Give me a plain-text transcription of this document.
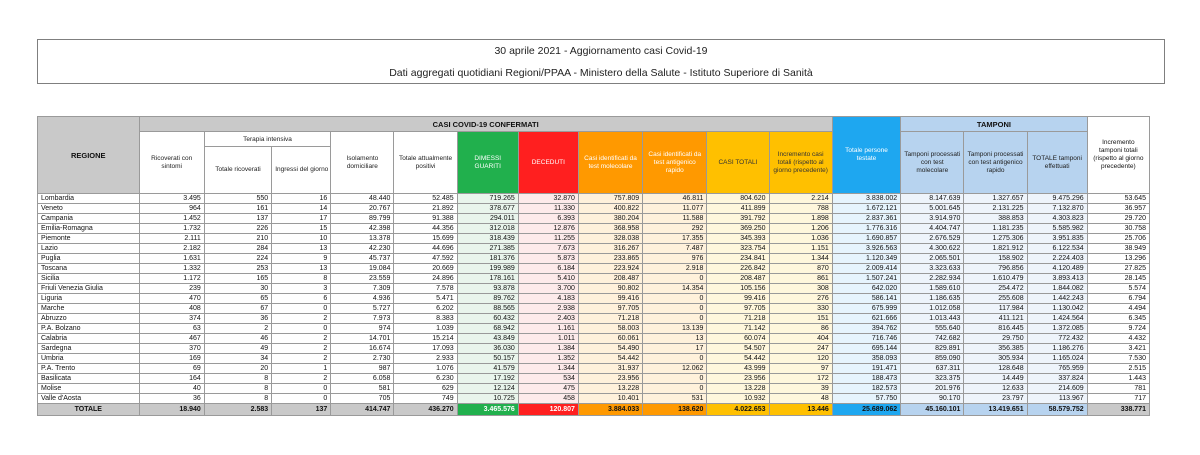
30 aprile 2021 - Aggiornamento casi Covid-19
Dati aggregati quotidiani Regioni/PPAA - Ministero della Salute - Istituto Superiore di Sanità
REGIONE	CASI COVID-19 CONFERMATI											Totale persone testate	TAMPONI			Incremento tamponi totali (rispetto al giorno precedente)
	Ricoverati con sintomi	Terapia intensiva		Isolamento domiciliare	Totale attualmente positivi	DIMESSI GUARITI	DECEDUTI	Casi identificati da test molecolare	Casi identificati da test antigenico rapido	CASI TOTALI	Incremento casi totali (rispetto al giorno precedente)		Tamponi processati con test molecolare	Tamponi processati con test antigenico rapido	TOTALE tamponi effettuati	
		Totale ricoverati	Ingressi del giorno													
Lombardia	3.495	550	16	48.440	52.485	719.265	32.870	757.809	46.811	804.620	2.214	3.838.002	8.147.639	1.327.657	9.475.296	53.645
Veneto	964	161	14	20.767	21.892	378.677	11.330	400.822	11.077	411.899	788	1.672.121	5.001.645	2.131.225	7.132.870	36.957
Campania	1.452	137	17	89.799	91.388	294.011	6.393	380.204	11.588	391.792	1.898	2.837.361	3.914.970	388.853	4.303.823	29.720
Emilia-Romagna	1.732	226	15	42.398	44.356	312.018	12.876	368.958	292	369.250	1.206	1.776.316	4.404.747	1.181.235	5.585.982	30.758
Piemonte	2.111	210	10	13.378	15.699	318.439	11.255	328.038	17.355	345.393	1.036	1.690.857	2.676.529	1.275.306	3.951.835	25.706
Lazio	2.182	284	13	42.230	44.696	271.385	7.673	316.267	7.487	323.754	1.151	3.926.563	4.300.622	1.821.912	6.122.534	38.949
Puglia	1.631	224	9	45.737	47.592	181.376	5.873	233.865	976	234.841	1.344	1.120.349	2.065.501	158.902	2.224.403	13.296
Toscana	1.332	253	13	19.084	20.669	199.989	6.184	223.924	2.918	226.842	870	2.009.414	3.323.633	796.856	4.120.489	27.825
Sicilia	1.172	165	8	23.559	24.896	178.161	5.410	208.487	0	208.487	861	1.507.241	2.282.934	1.610.479	3.893.413	28.145
Friuli Venezia Giulia	239	30	3	7.309	7.578	93.878	3.700	90.802	14.354	105.156	308	642.020	1.589.610	254.472	1.844.082	5.574
Liguria	470	65	6	4.936	5.471	89.762	4.183	99.416	0	99.416	276	586.141	1.186.635	255.608	1.442.243	6.794
Marche	408	67	0	5.727	6.202	88.565	2.938	97.705	0	97.705	330	675.999	1.012.058	117.984	1.130.042	4.494
Abruzzo	374	36	2	7.973	8.383	60.432	2.403	71.218	0	71.218	151	621.666	1.013.443	411.121	1.424.564	6.345
P.A. Bolzano	63	2	0	974	1.039	68.942	1.161	58.003	13.139	71.142	86	394.762	555.640	816.445	1.372.085	9.724
Calabria	467	46	2	14.701	15.214	43.849	1.011	60.061	13	60.074	404	716.746	742.682	29.750	772.432	4.432
Sardegna	370	49	2	16.674	17.093	36.030	1.384	54.490	17	54.507	247	695.144	829.891	356.385	1.186.276	3.421
Umbria	169	34	2	2.730	2.933	50.157	1.352	54.442	0	54.442	120	358.093	859.090	305.934	1.165.024	7.530
P.A. Trento	69	20	1	987	1.076	41.579	1.344	31.937	12.062	43.999	97	191.471	637.311	128.648	765.959	2.515
Basilicata	164	8	2	6.058	6.230	17.192	534	23.956	0	23.956	172	188.473	323.375	14.449	337.824	1.443
Molise	40	8	0	581	629	12.124	475	13.228	0	13.228	39	182.573	201.976	12.633	214.609	781
Valle d'Aosta	36	8	0	705	749	10.725	458	10.401	531	10.932	48	57.750	90.170	23.797	113.967	717
TOTALE	18.940	2.583	137	414.747	436.270	3.465.576	120.807	3.884.033	138.620	4.022.653	13.446	25.689.062	45.160.101	13.419.651	58.579.752	338.771
